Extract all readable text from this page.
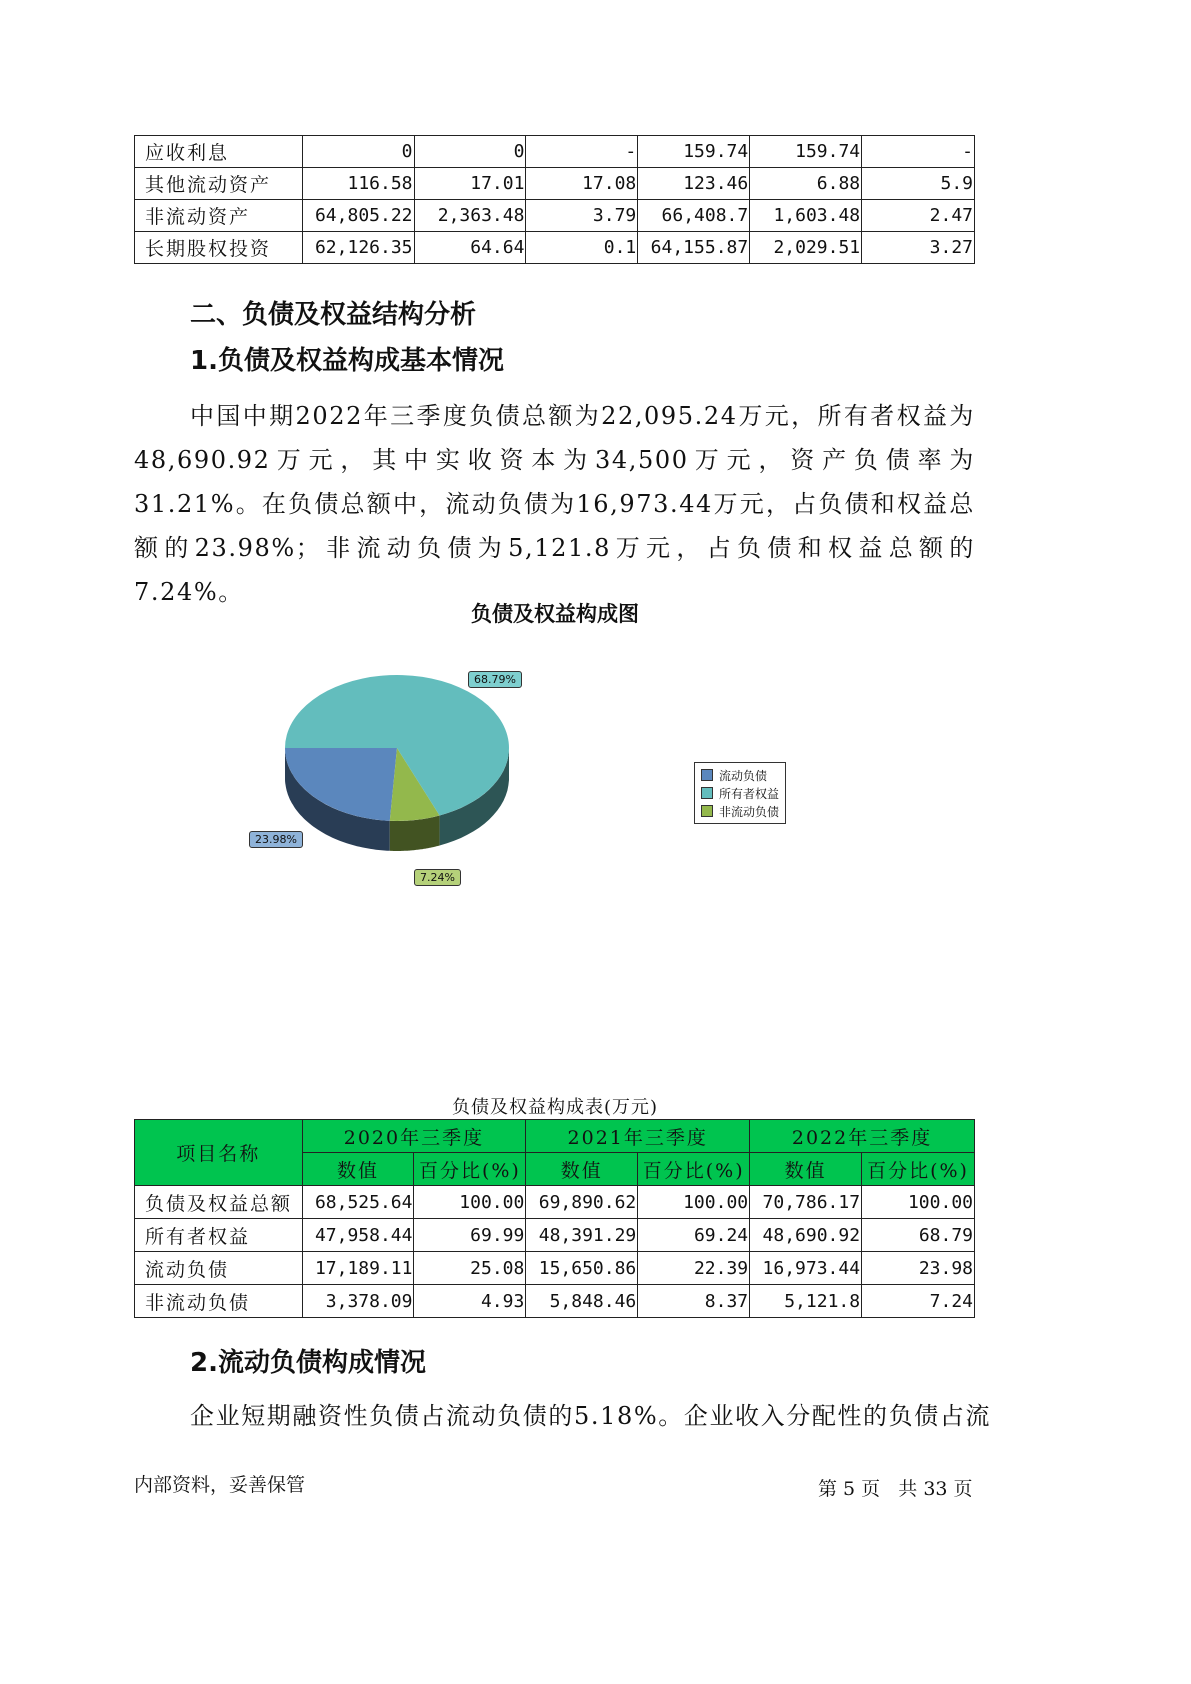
应收利息	0	0	-	159.74	159.74	-
其他流动资产	116.58	17.01	17.08	123.46	6.88	5.9
非流动资产	64,805.22	2,363.48	3.79	66,408.7	1,603.48	2.47
长期股权投资	62,126.35	64.64	0.1	64,155.87	2,029.51	3.27
二、负债及权益结构分析
1.负债及权益构成基本情况
中国中期2022年三季度负债总额为22,095.24万元，所有者权益为48,690.92万元，其中实收资本为34,500万元，资产负债率为31.21%。在负债总额中，流动负债为16,973.44万元，占负债和权益总额的23.98%；非流动负债为5,121.8万元，占负债和权益总额的7.24%。
负债及权益构成图
68.79%
23.98%
7.24%
流动负债
所有者权益
非流动负债
负债及权益构成表(万元)
项目名称	2020年三季度		2021年三季度		2022年三季度	
	数值	百分比(%)	数值	百分比(%)	数值	百分比(%)
负债及权益总额	68,525.64	100.00	69,890.62	100.00	70,786.17	100.00
所有者权益	47,958.44	69.99	48,391.29	69.24	48,690.92	68.79
流动负债	17,189.11	25.08	15,650.86	22.39	16,973.44	23.98
非流动负债	3,378.09	4.93	5,848.46	8.37	5,121.8	7.24
2.流动负债构成情况
企业短期融资性负债占流动负债的5.18%。企业收入分配性的负债占流
内部资料，妥善保管	第 5 页   共 33 页
